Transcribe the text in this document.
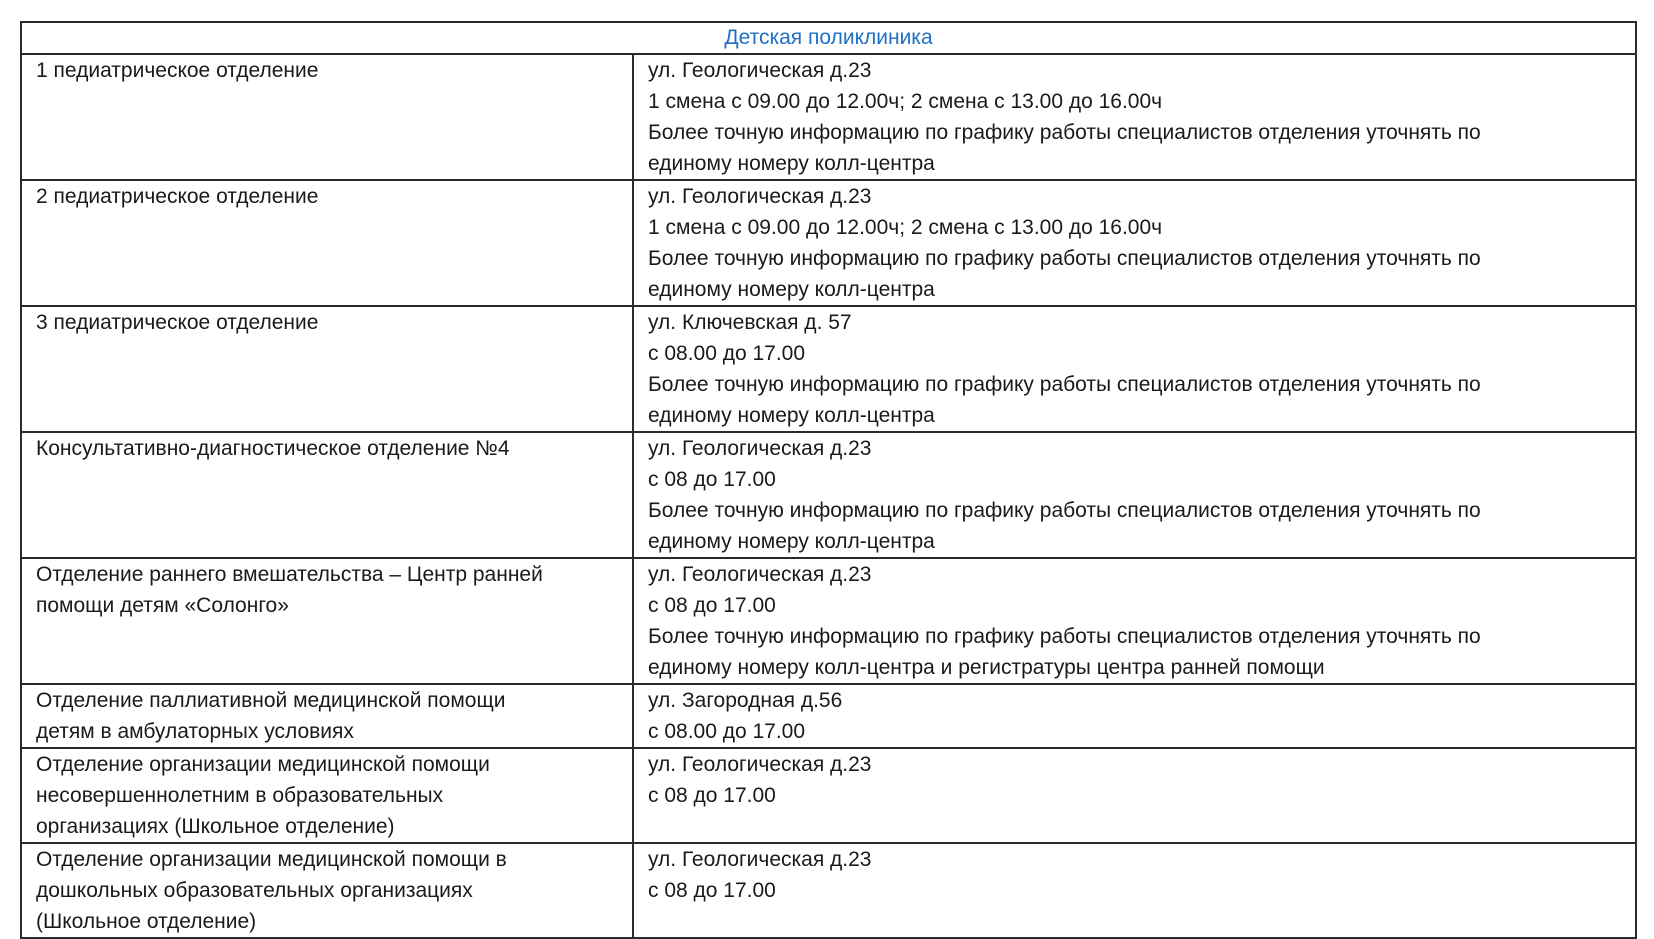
Детская поликлиника	

1 педиатрическое отделение	ул. Геологическая д.23
1 смена с 09.00 до 12.00ч; 2 смена с 13.00 до 16.00ч
Более точную информацию по графику работы специалистов отделения уточнять по
единому номеру колл-центра

2 педиатрическое отделение	ул. Геологическая д.23
1 смена с 09.00 до 12.00ч; 2 смена с 13.00 до 16.00ч
Более точную информацию по графику работы специалистов отделения уточнять по
единому номеру колл-центра

3 педиатрическое отделение	ул. Ключевская д. 57
с 08.00 до 17.00
Более точную информацию по графику работы специалистов отделения уточнять по
единому номеру колл-центра

Консультативно-диагностическое отделение №4	ул. Геологическая д.23
с 08 до 17.00
Более точную информацию по графику работы специалистов отделения уточнять по
единому номеру колл-центра

Отделение раннего вмешательства – Центр ранней
помощи детям «Солонго»	ул. Геологическая д.23
с 08 до 17.00
Более точную информацию по графику работы специалистов отделения уточнять по
единому номеру колл-центра и регистратуры центра ранней помощи

Отделение паллиативной медицинской помощи
детям в амбулаторных условиях	ул. Загородная д.56
с 08.00 до 17.00

Отделение организации медицинской помощи
несовершеннолетним в образовательных
организациях (Школьное отделение)	ул. Геологическая д.23
с 08 до 17.00

Отделение организации медицинской помощи в
дошкольных образовательных организациях
(Школьное отделение)	ул. Геологическая д.23
с 08 до 17.00
